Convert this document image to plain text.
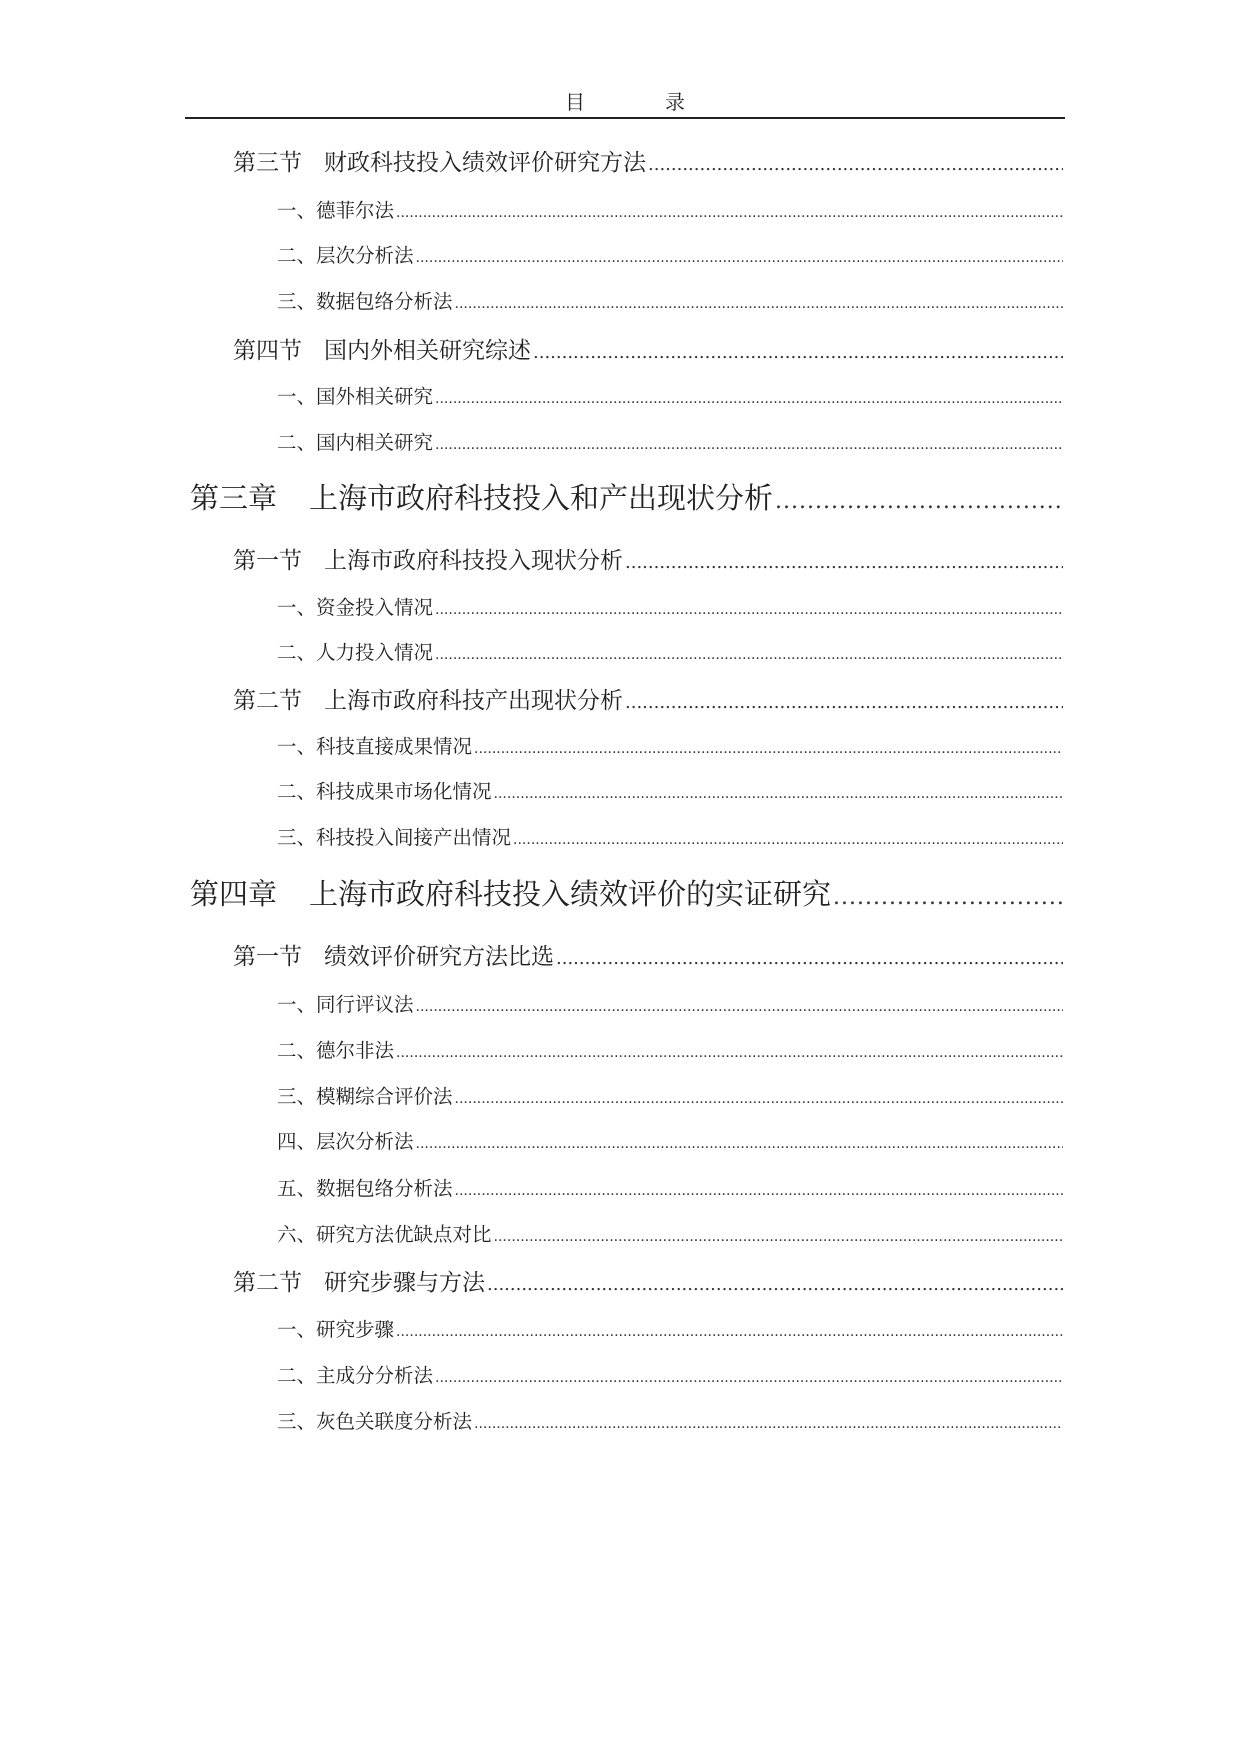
目　录
第三节 财政科技投入绩效评价研究方法
.....
一、德菲尔法
.....
二、层次分析法
.....
三、数据包络分析法
.....
第四节 国内外相关研究综述
.....
一、国外相关研究
.....
二、国内相关研究
.....
第三章 上海市政府科技投入和产出现状分析
.....
第一节 上海市政府科技投入现状分析
.....
一、资金投入情况
.....
二、人力投入情况
.....
第二节 上海市政府科技产出现状分析
.....
一、科技直接成果情况
.....
二、科技成果市场化情况
.....
三、科技投入间接产出情况
.....
第四章 上海市政府科技投入绩效评价的实证研究
.....
第一节 绩效评价研究方法比选
.....
一、同行评议法
.....
二、德尔非法
.....
三、模糊综合评价法
.....
四、层次分析法
.....
五、数据包络分析法
.....
六、研究方法优缺点对比
.....
第二节 研究步骤与方法
.....
一、研究步骤
.....
二、主成分分析法
.....
三、灰色关联度分析法
.....
